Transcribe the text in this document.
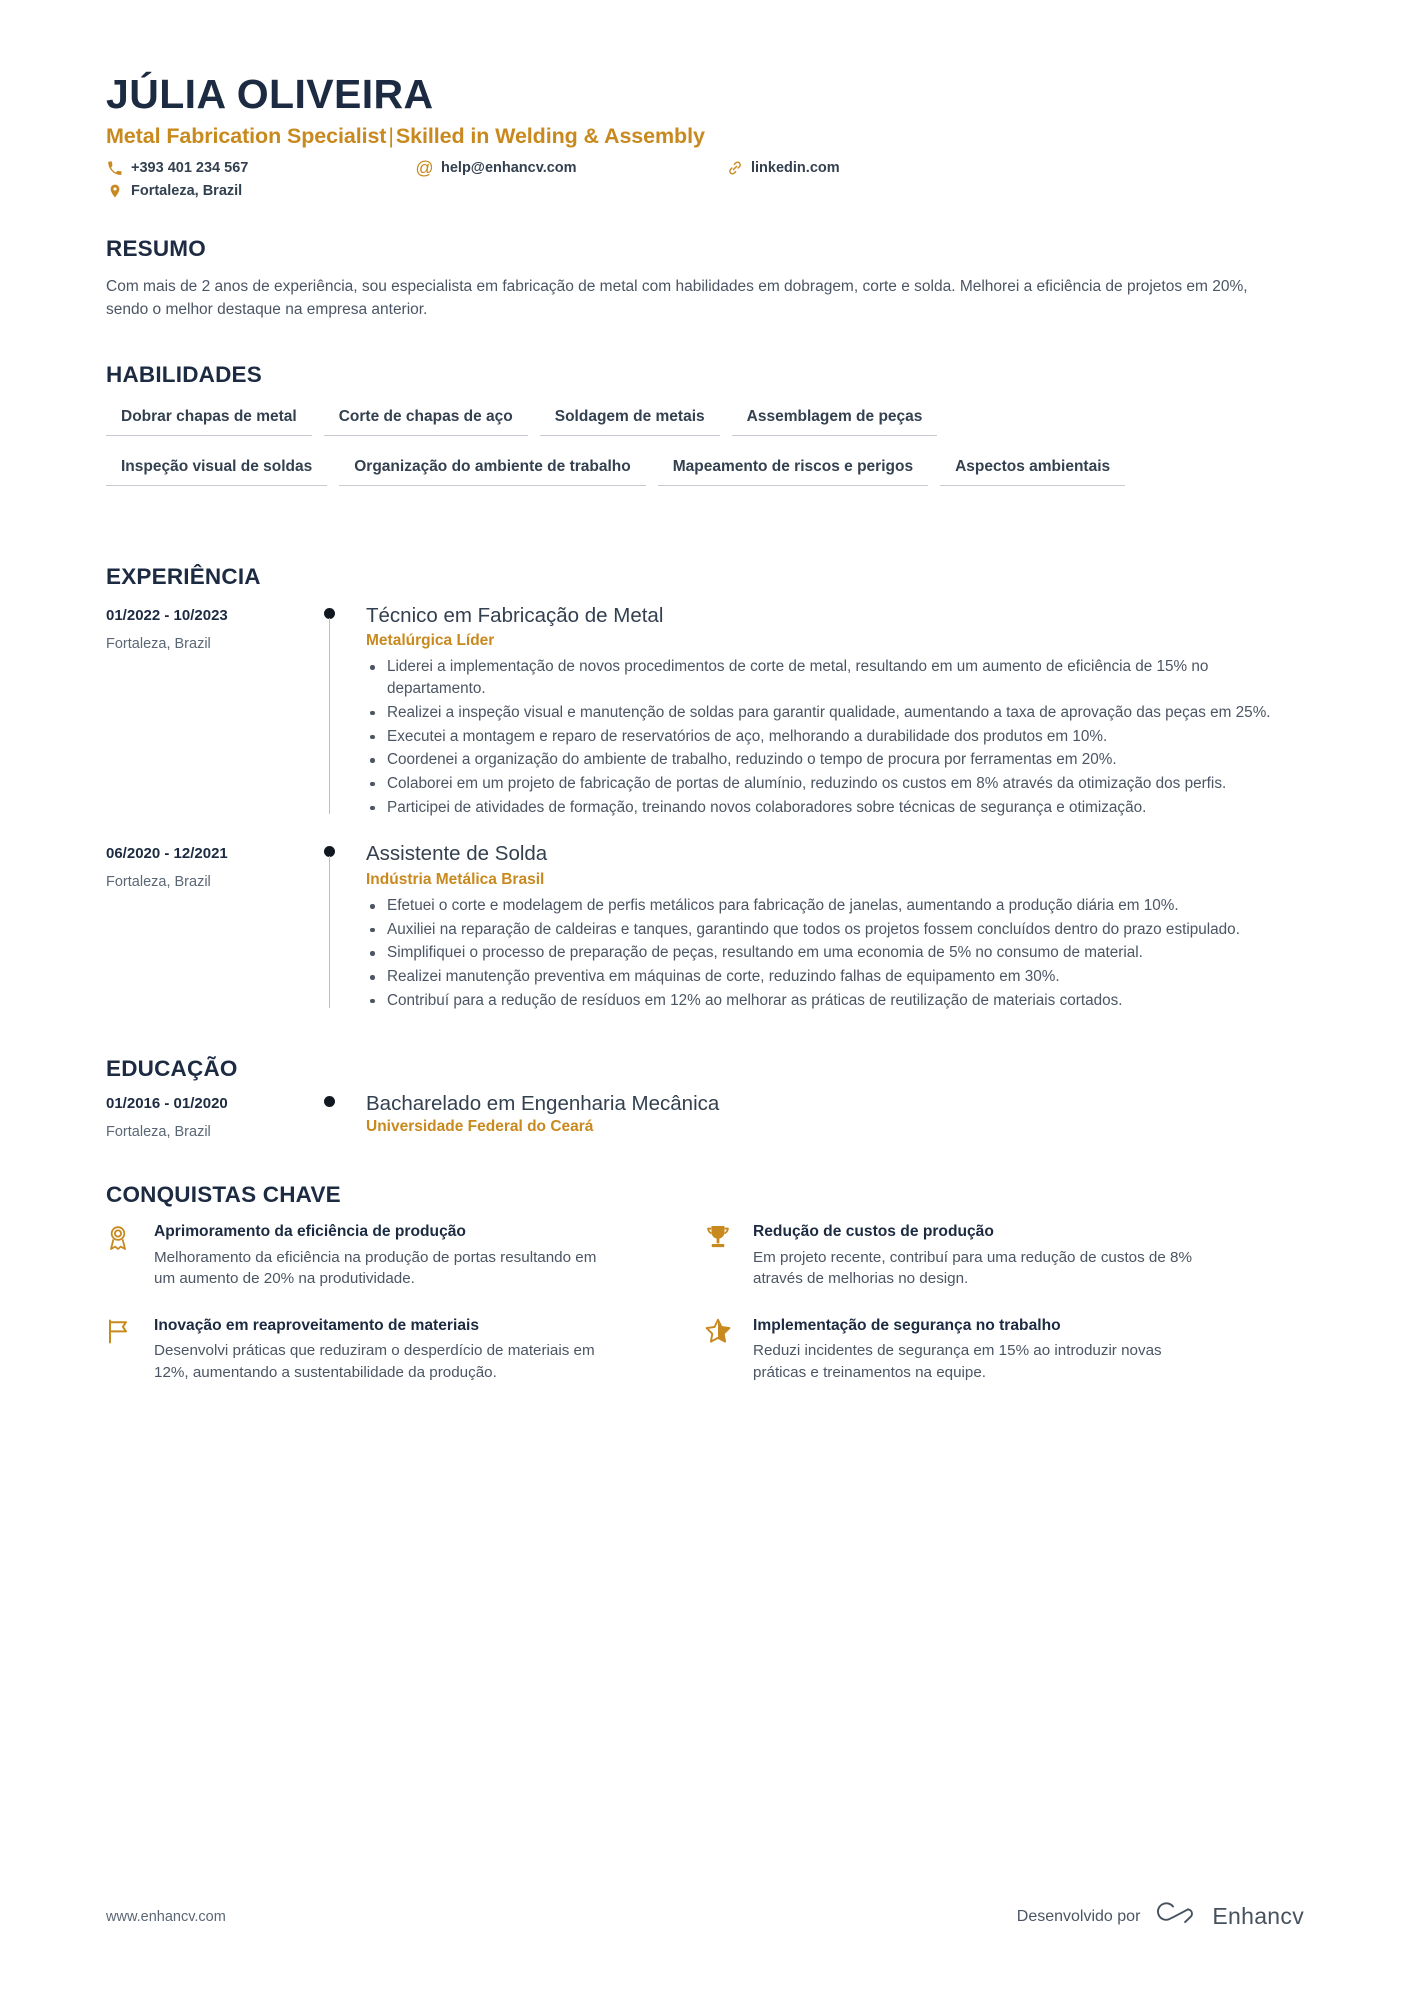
JÚLIA OLIVEIRA
Metal Fabrication Specialist|Skilled in Welding & Assembly
+393 401 234 567	@ help@enhancv.com	linkedin.com
Fortaleza, Brazil
RESUMO

Com mais de 2 anos de experiência, sou especialista em fabricação de metal com habilidades em dobragem, corte e solda. Melhorei a eficiência de projetos em 20%, sendo o melhor destaque na empresa anterior.

HABILIDADES
Dobrar chapas de metal	Corte de chapas de aço	Soldagem de metais	Assemblagem de peças
Inspeção visual de soldas	Organização do ambiente de trabalho	Mapeamento de riscos e perigos	Aspectos ambientais
EXPERIÊNCIA
01/2022 - 10/2023
Fortaleza, Brazil
Técnico em Fabricação de Metal
Metalúrgica Líder
Liderei a implementação de novos procedimentos de corte de metal, resultando em um aumento de eficiência de 15% no departamento.
Realizei a inspeção visual e manutenção de soldas para garantir qualidade, aumentando a taxa de aprovação das peças em 25%.
Executei a montagem e reparo de reservatórios de aço, melhorando a durabilidade dos produtos em 10%.
Coordenei a organização do ambiente de trabalho, reduzindo o tempo de procura por ferramentas em 20%.
Colaborei em um projeto de fabricação de portas de alumínio, reduzindo os custos em 8% através da otimização dos perfis.
Participei de atividades de formação, treinando novos colaboradores sobre técnicas de segurança e otimização.
06/2020 - 12/2021
Fortaleza, Brazil
Assistente de Solda
Indústria Metálica Brasil
Efetuei o corte e modelagem de perfis metálicos para fabricação de janelas, aumentando a produção diária em 10%.
Auxiliei na reparação de caldeiras e tanques, garantindo que todos os projetos fossem concluídos dentro do prazo estipulado.
Simplifiquei o processo de preparação de peças, resultando em uma economia de 5% no consumo de material.
Realizei manutenção preventiva em máquinas de corte, reduzindo falhas de equipamento em 30%.
Contribuí para a redução de resíduos em 12% ao melhorar as práticas de reutilização de materiais cortados.
EDUCAÇÃO
01/2016 - 01/2020
Fortaleza, Brazil
Bacharelado em Engenharia Mecânica
Universidade Federal do Ceará
CONQUISTAS CHAVE
Aprimoramento da eficiência de produção

Melhoramento da eficiência na produção de portas resultando em um aumento de 20% na produtividade.

Redução de custos de produção

Em projeto recente, contribuí para uma redução de custos de 8% através de melhorias no design.

Inovação em reaproveitamento de materiais

Desenvolvi práticas que reduziram o desperdício de materiais em 12%, aumentando a sustentabilidade da produção.

Implementação de segurança no trabalho

Reduzi incidentes de segurança em 15% ao introduzir novas práticas e treinamentos na equipe.

www.enhancv.com	Desenvolvido por	Enhancv
